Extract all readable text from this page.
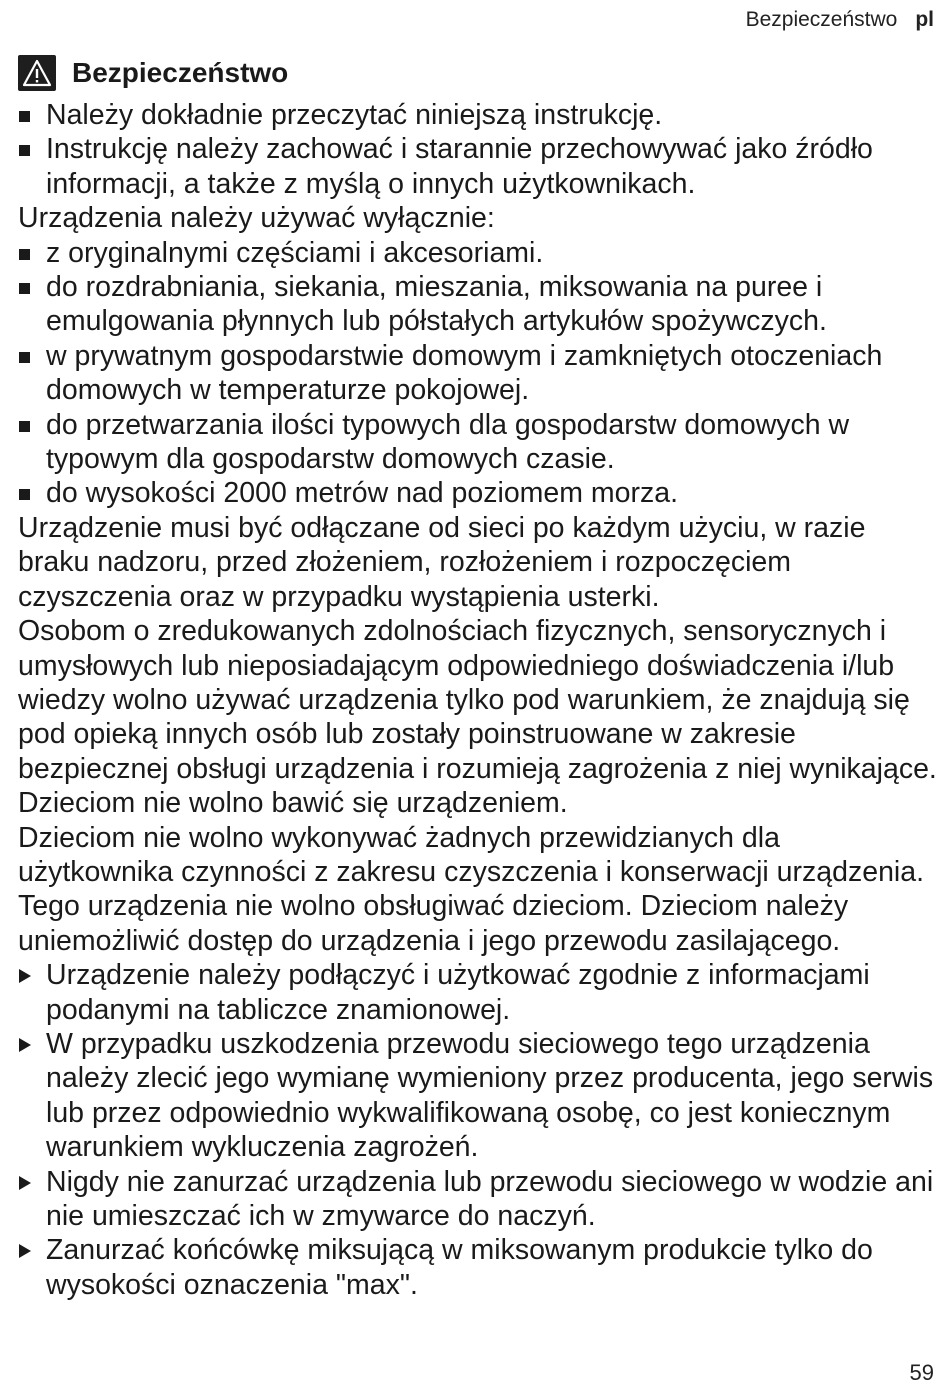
Bezpieczeństwo pl
Bezpieczeństwo
Należy dokładnie przeczytać niniejszą instrukcję.
Instrukcję należy zachować i starannie przechowywać jako źródło informacji, a także z myślą o innych użytkownikach.

Urządzenia należy używać wyłącznie:

z oryginalnymi częściami i akcesoriami.
do rozdrabniania, siekania, mieszania, miksowania na puree i emulgowania płynnych lub półstałych artykułów spożywczych.
w prywatnym gospodarstwie domowym i zamkniętych otoczeniach domowych w temperaturze pokojowej.
do przetwarzania ilości typowych dla gospodarstw domowych w typowym dla gospodarstw domowych czasie.
do wysokości 2000 metrów nad poziomem morza.

Urządzenie musi być odłączane od sieci po każdym użyciu, w razie braku nadzoru, przed złożeniem, rozłożeniem i rozpoczęciem czyszczenia oraz w przypadku wystąpienia usterki.

Osobom o zredukowanych zdolnościach fizycznych, sensorycznych i umysłowych lub nieposiadającym odpowiedniego doświadczenia i/lub wiedzy wolno używać urządzenia tylko pod warunkiem, że znajdują się pod opieką innych osób lub zostały poinstruowane w zakresie bezpiecznej obsługi urządzenia i rozumieją zagrożenia z niej wynikające.

Dzieciom nie wolno bawić się urządzeniem.

Dzieciom nie wolno wykonywać żadnych przewidzianych dla użytkownika czynności z zakresu czyszczenia i konserwacji urządzenia.

Tego urządzenia nie wolno obsługiwać dzieciom. Dzieciom należy uniemożliwić dostęp do urządzenia i jego przewodu zasilającego.

Urządzenie należy podłączyć i użytkować zgodnie z informacjami podanymi na tabliczce znamionowej.
W przypadku uszkodzenia przewodu sieciowego tego urządzenia należy zlecić jego wymianę wymieniony przez producenta, jego serwis lub przez odpowiednio wykwalifikowaną osobę, co jest koniecznym warunkiem wykluczenia zagrożeń.
Nigdy nie zanurzać urządzenia lub przewodu sieciowego w wodzie ani nie umieszczać ich w zmywarce do naczyń.
Zanurzać końcówkę miksującą w miksowanym produkcie tylko do wysokości oznaczenia "max".
59
